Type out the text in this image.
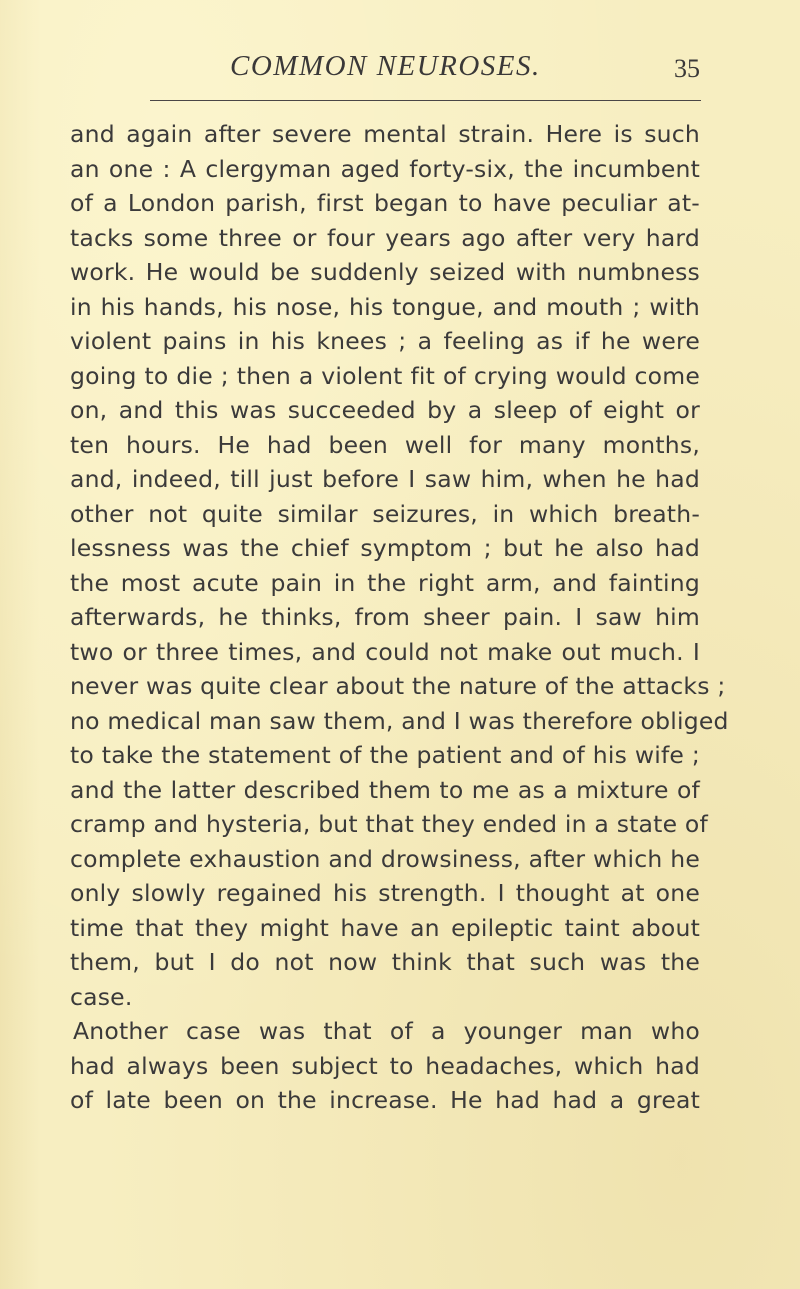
COMMON NEUROSES.	35
and again after severe mental strain. Here is such
an one : A clergyman aged forty-six, the incumbent
of a London parish, first began to have peculiar at-
tacks some three or four years ago after very hard
work. He would be suddenly seized with numbness
in his hands, his nose, his tongue, and mouth ; with
violent pains in his knees ; a feeling as if he were
going to die ; then a violent fit of crying would come
on, and this was succeeded by a sleep of eight or
ten hours. He had been well for many months,
and, indeed, till just before I saw him, when he had
other not quite similar seizures, in which breath-
lessness was the chief symptom ; but he also had
the most acute pain in the right arm, and fainting
afterwards, he thinks, from sheer pain. I saw him
two or three times, and could not make out much. I
never was quite clear about the nature of the attacks ;
no medical man saw them, and I was therefore obliged
to take the statement of the patient and of his wife ;
and the latter described them to me as a mixture of
cramp and hysteria, but that they ended in a state of
complete exhaustion and drowsiness, after which he
only slowly regained his strength. I thought at one
time that they might have an epileptic taint about
them, but I do not now think that such was the
case.
Another case was that of a younger man who
had always been subject to headaches, which had
of late been on the increase. He had had a great
